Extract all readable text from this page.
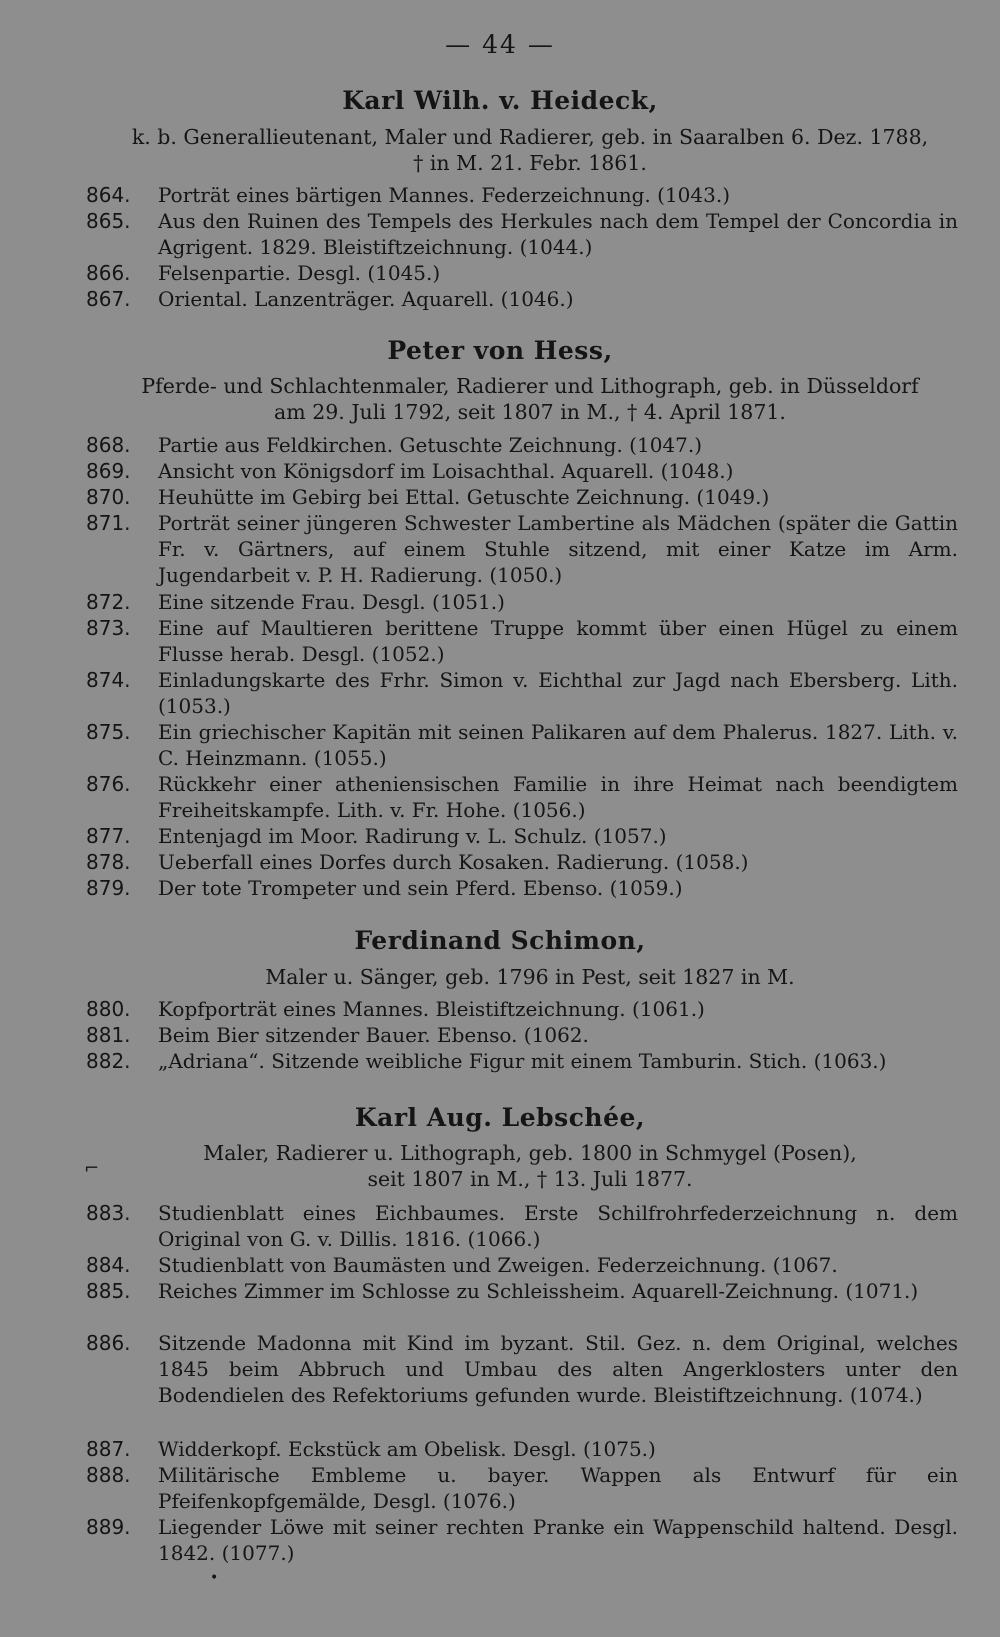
— 44 —
Karl Wilh. v. Heideck,
k. b. Generallieutenant, Maler und Radierer, geb. in Saaralben 6. Dez. 1788,
† in M. 21. Febr. 1861.
864.	Porträt eines bärtigen Mannes. Federzeichnung. (1043.)
865.	Aus den Ruinen des Tempels des Herkules nach dem Tempel der Concordia in Agrigent. 1829. Bleistiftzeichnung. (1044.)
866.	Felsenpartie. Desgl. (1045.)
867.	Oriental. Lanzenträger. Aquarell. (1046.)
Peter von Hess,
Pferde- und Schlachtenmaler, Radierer und Lithograph, geb. in Düsseldorf
am 29. Juli 1792, seit 1807 in M., † 4. April 1871.
868.	Partie aus Feldkirchen. Getuschte Zeichnung. (1047.)
869.	Ansicht von Königsdorf im Loisachthal. Aquarell. (1048.)
870.	Heuhütte im Gebirg bei Ettal. Getuschte Zeichnung. (1049.)
871.	Porträt seiner jüngeren Schwester Lambertine als Mädchen (später die Gattin Fr. v. Gärtners, auf einem Stuhle sitzend, mit einer Katze im Arm. Jugendarbeit v. P. H. Radierung. (1050.)
872.	Eine sitzende Frau. Desgl. (1051.)
873.	Eine auf Maultieren berittene Truppe kommt über einen Hügel zu einem Flusse herab. Desgl. (1052.)
874.	Einladungskarte des Frhr. Simon v. Eichthal zur Jagd nach Ebersberg. Lith. (1053.)
875.	Ein griechischer Kapitän mit seinen Palikaren auf dem Phalerus. 1827. Lith. v. C. Heinzmann. (1055.)
876.	Rückkehr einer atheniensischen Familie in ihre Heimat nach beendigtem Freiheitskampfe. Lith. v. Fr. Hohe. (1056.)
877.	Entenjagd im Moor. Radirung v. L. Schulz. (1057.)
878.	Ueberfall eines Dorfes durch Kosaken. Radierung. (1058.)
879.	Der tote Trompeter und sein Pferd. Ebenso. (1059.)
Ferdinand Schimon,
Maler u. Sänger, geb. 1796 in Pest, seit 1827 in M.
880.	Kopfporträt eines Mannes. Bleistiftzeichnung. (1061.)
881.	Beim Bier sitzender Bauer. Ebenso. (1062.
882.	„Adriana“. Sitzende weibliche Figur mit einem Tamburin. Stich. (1063.)
Karl Aug. Lebschée,
Maler, Radierer u. Lithograph, geb. 1800 in Schmygel (Posen),
seit 1807 in M., † 13. Juli 1877.
⌐
883.	Studienblatt eines Eichbaumes. Erste Schilfrohrfederzeichnung n. dem Original von G. v. Dillis. 1816. (1066.)
884.	Studienblatt von Baumästen und Zweigen. Federzeichnung. (1067.
885.	Reiches Zimmer im Schlosse zu Schleissheim. Aquarell-Zeichnung. (1071.)
886.	Sitzende Madonna mit Kind im byzant. Stil. Gez. n. dem Original, welches 1845 beim Abbruch und Umbau des alten Angerklosters unter den Bodendielen des Refektoriums gefunden wurde. Bleistiftzeichnung. (1074.)
887.	Widderkopf. Eckstück am Obelisk. Desgl. (1075.)
888.	Militärische Embleme u. bayer. Wappen als Entwurf für ein Pfeifenkopfgemälde, Desgl. (1076.)
889.	Liegender Löwe mit seiner rechten Pranke ein Wappenschild haltend. Desgl. 1842. (1077.)
•
